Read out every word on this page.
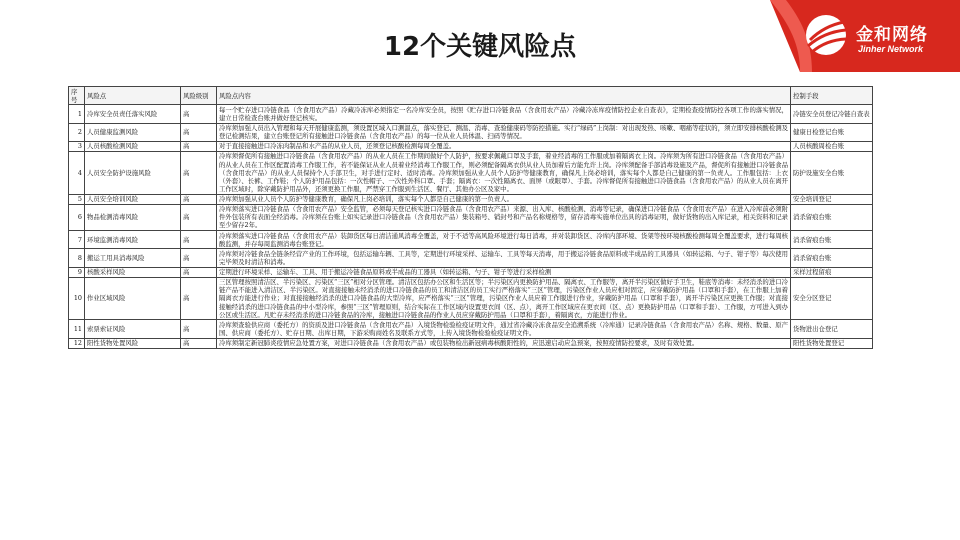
金和网络
Jinher Network
12个关键风险点
序号	风险点	风险级别	风险点内容	控制手段
1	冷库安全员责任落实风险	高	每一个贮存进口冷链食品（含食用农产品）冷藏冷冻库必须指定一名冷库安全员，按照《贮存进口冷链食品（含食用农产品）冷藏冷冻库疫情防控企业自查表》，定期检查疫情防控各项工作的落实情况，建立日常检查台账并做好登记核实。	冷链安全员登记冷链自查表
2	人员健康监测风险	高	冷库须加强人员出入管理和每天开展健康监测，须设置区域入口测温点，落实登记、测温、消毒、查验健康码等防控措施。实行“绿码”上岗制：对出现发热、咳嗽、咽痛等症状的，须立即安排核酸检测及登记检测结果，建立台账登记所有接触进口冷链食品（含食用农产品）的每一位从业人员体温、扫码等情况。	健康日检登记台账
3	人员核酸检测风险	高	对于直接接触进口冷冻肉制品和水产品的从业人员，还须登记核酸检测每周全覆盖。	人员核酸周检台账
4	人员安全防护设施风险	高	冷库须督促所有接触进口冷链食品（含食用农产品）的从业人员在工作期间做好个人防护，按要求佩戴口罩及手套，着业经消毒的工作服或加着隔离衣上岗。冷库须为所有进口冷链食品（含食用农产品）的从业人员在工作区配置消毒工作服工作，若不能保证从业人员着业经消毒工作服工作，则必须配备隔离衣供从业人员加着后方能允许上岗。冷库须配备手部消毒设施及产品，督促所有接触进口冷链食品（含食用农产品）的从业人员保持个人手部卫生，对手进行定时、适时消毒。冷库须加强从业人员个人防护等健康教育，确保凡上岗必培训，落实每个人都是自己健康的第一负责人。工作服包括：上衣（外套）、长裤、工作鞋；个人防护用品包括：一次性帽子、一次性外科口罩、手套；隔离衣：一次性隔离衣、面屏（或眼罩）、手套。冷库督促所有接触进口冷链食品（含食用农产品）的从业人员在离开工作区域时，除穿戴防护用品外，还须更换工作服，严禁穿工作服到生活区、餐厅、其他办公区及家中。	防护设施安全台账
5	人员安全培训风险	高	冷库须加强从业人员个人防护等健康教育，确保凡上岗必培训，落实每个人都是自己健康的第一负责人。	安全培训登记
6	物品检测消毒风险	高	冷库须落实进口冷链食品（含食用农产品）安全监管，必须每天登记核实进口冷链食品（含食用农产品）来源、出入库、核酸检测、消毒等记录，确保进口冷链食品（含食用农产品）在进入冷库前必须附件外包装所有表面全经消毒。冷库须在台账上如实记录进口冷链食品（含食用农产品）集装箱号、销封号和产品名称规格等，留存消毒实施单位出具的消毒证明，做好货物的出入库记录，相关资料和记录至少留存2年。	消杀留痕台账
7	环境监测消毒风险	高	冷库须落实进口冷链食品（含食用农产品）装卸货区每日清洁通风消毒全覆盖，对于不适等高风险环境进行每日消毒，并对装卸货区、冷库内部环境、货架等按环境核酸检测每周全覆盖要求，进行每周核酸监测，并存每周监测消毒台账登记。	消杀留痕台账
8	搬运工用具消毒风险	高	冷库须对冷链食品全链条经营产业的工作环境，包括运输车辆、工具等，定期进行环境采样、运输车、工具等每天消毒，用于搬运冷链食品原料或半成品的工具器具（如转运箱、勺子、钳子等）每次使用完毕须及时清洁和消毒。	消杀留痕台账
9	核酸采样风险	高	定期进行环境采样、运输车、工具、用于搬运冷链食品原料或半成品的工器具（如转运箱、勺子、钳子等进行采样检测	采样过程留痕
10	作业区域风险	高	三区管理按照清洁区、半污染区、污染区“三区”相对分区管理。清洁区包括办公区和生活区等；半污染区内更换防护用品、隔离衣、工作服等，离开半污染区做好手卫生，鞋底等消毒：未经消杀的进口冷链产品不能进入清洁区、半污染区。对直接接触未经消杀的进口冷链食品的员工和清洁区的员工实行严格落实“三区”管理，污染区作业人员应相对固定，应穿戴防护用品（口罩和手套），在工作服上加着隔离衣方能进行作业；对直接接触经消杀的进口冷链食品的大型冷库，应严格落实“三区”管理，污染区作业人员应着工作服进行作业，穿戴防护用品（口罩和手套），离开半污染区应更换工作服；对直接接触经消杀的进口冷链食品的中小型冷库，参照“三区”管理原则，结合实际在工作区域内设置更衣间（区、点），离开工作区域应在更衣间（区、点）更换防护用品（口罩和手套）、工作服，方可进入到办公区或生活区。凡贮存未经消杀的进口冷链食品的冷库，接触进口冷链食品的作业人员应穿戴防护用品（口罩和手套），着隔离衣，方能进行作业。	安全分区登记
11	索票索证风险	高	冷库须查验供应商（委托方）的资质及进口冷链食品（含食用农产品）入境货物检验检疫证明文件，通过省冷藏冷冻食品安全追溯系统（冷库通）记录冷链食品（含食用农产品）名称、规格、数量、原产国、供应商（委托方）、贮存日期、出库日期，下游采购商姓名及联系方式等，上传入境货物检验检疫证明文件。	货物进出仓登记
12	阳性货物处置风险	高	冷库须制定新冠肺炎疫情应急处置方案，对进口冷链食品（含食用农产品）或包装物检出新冠病毒核酸阳性的，应迅速启动应急预案，按照疫情防控要求，及时有效处置。	阳性货物处置登记
